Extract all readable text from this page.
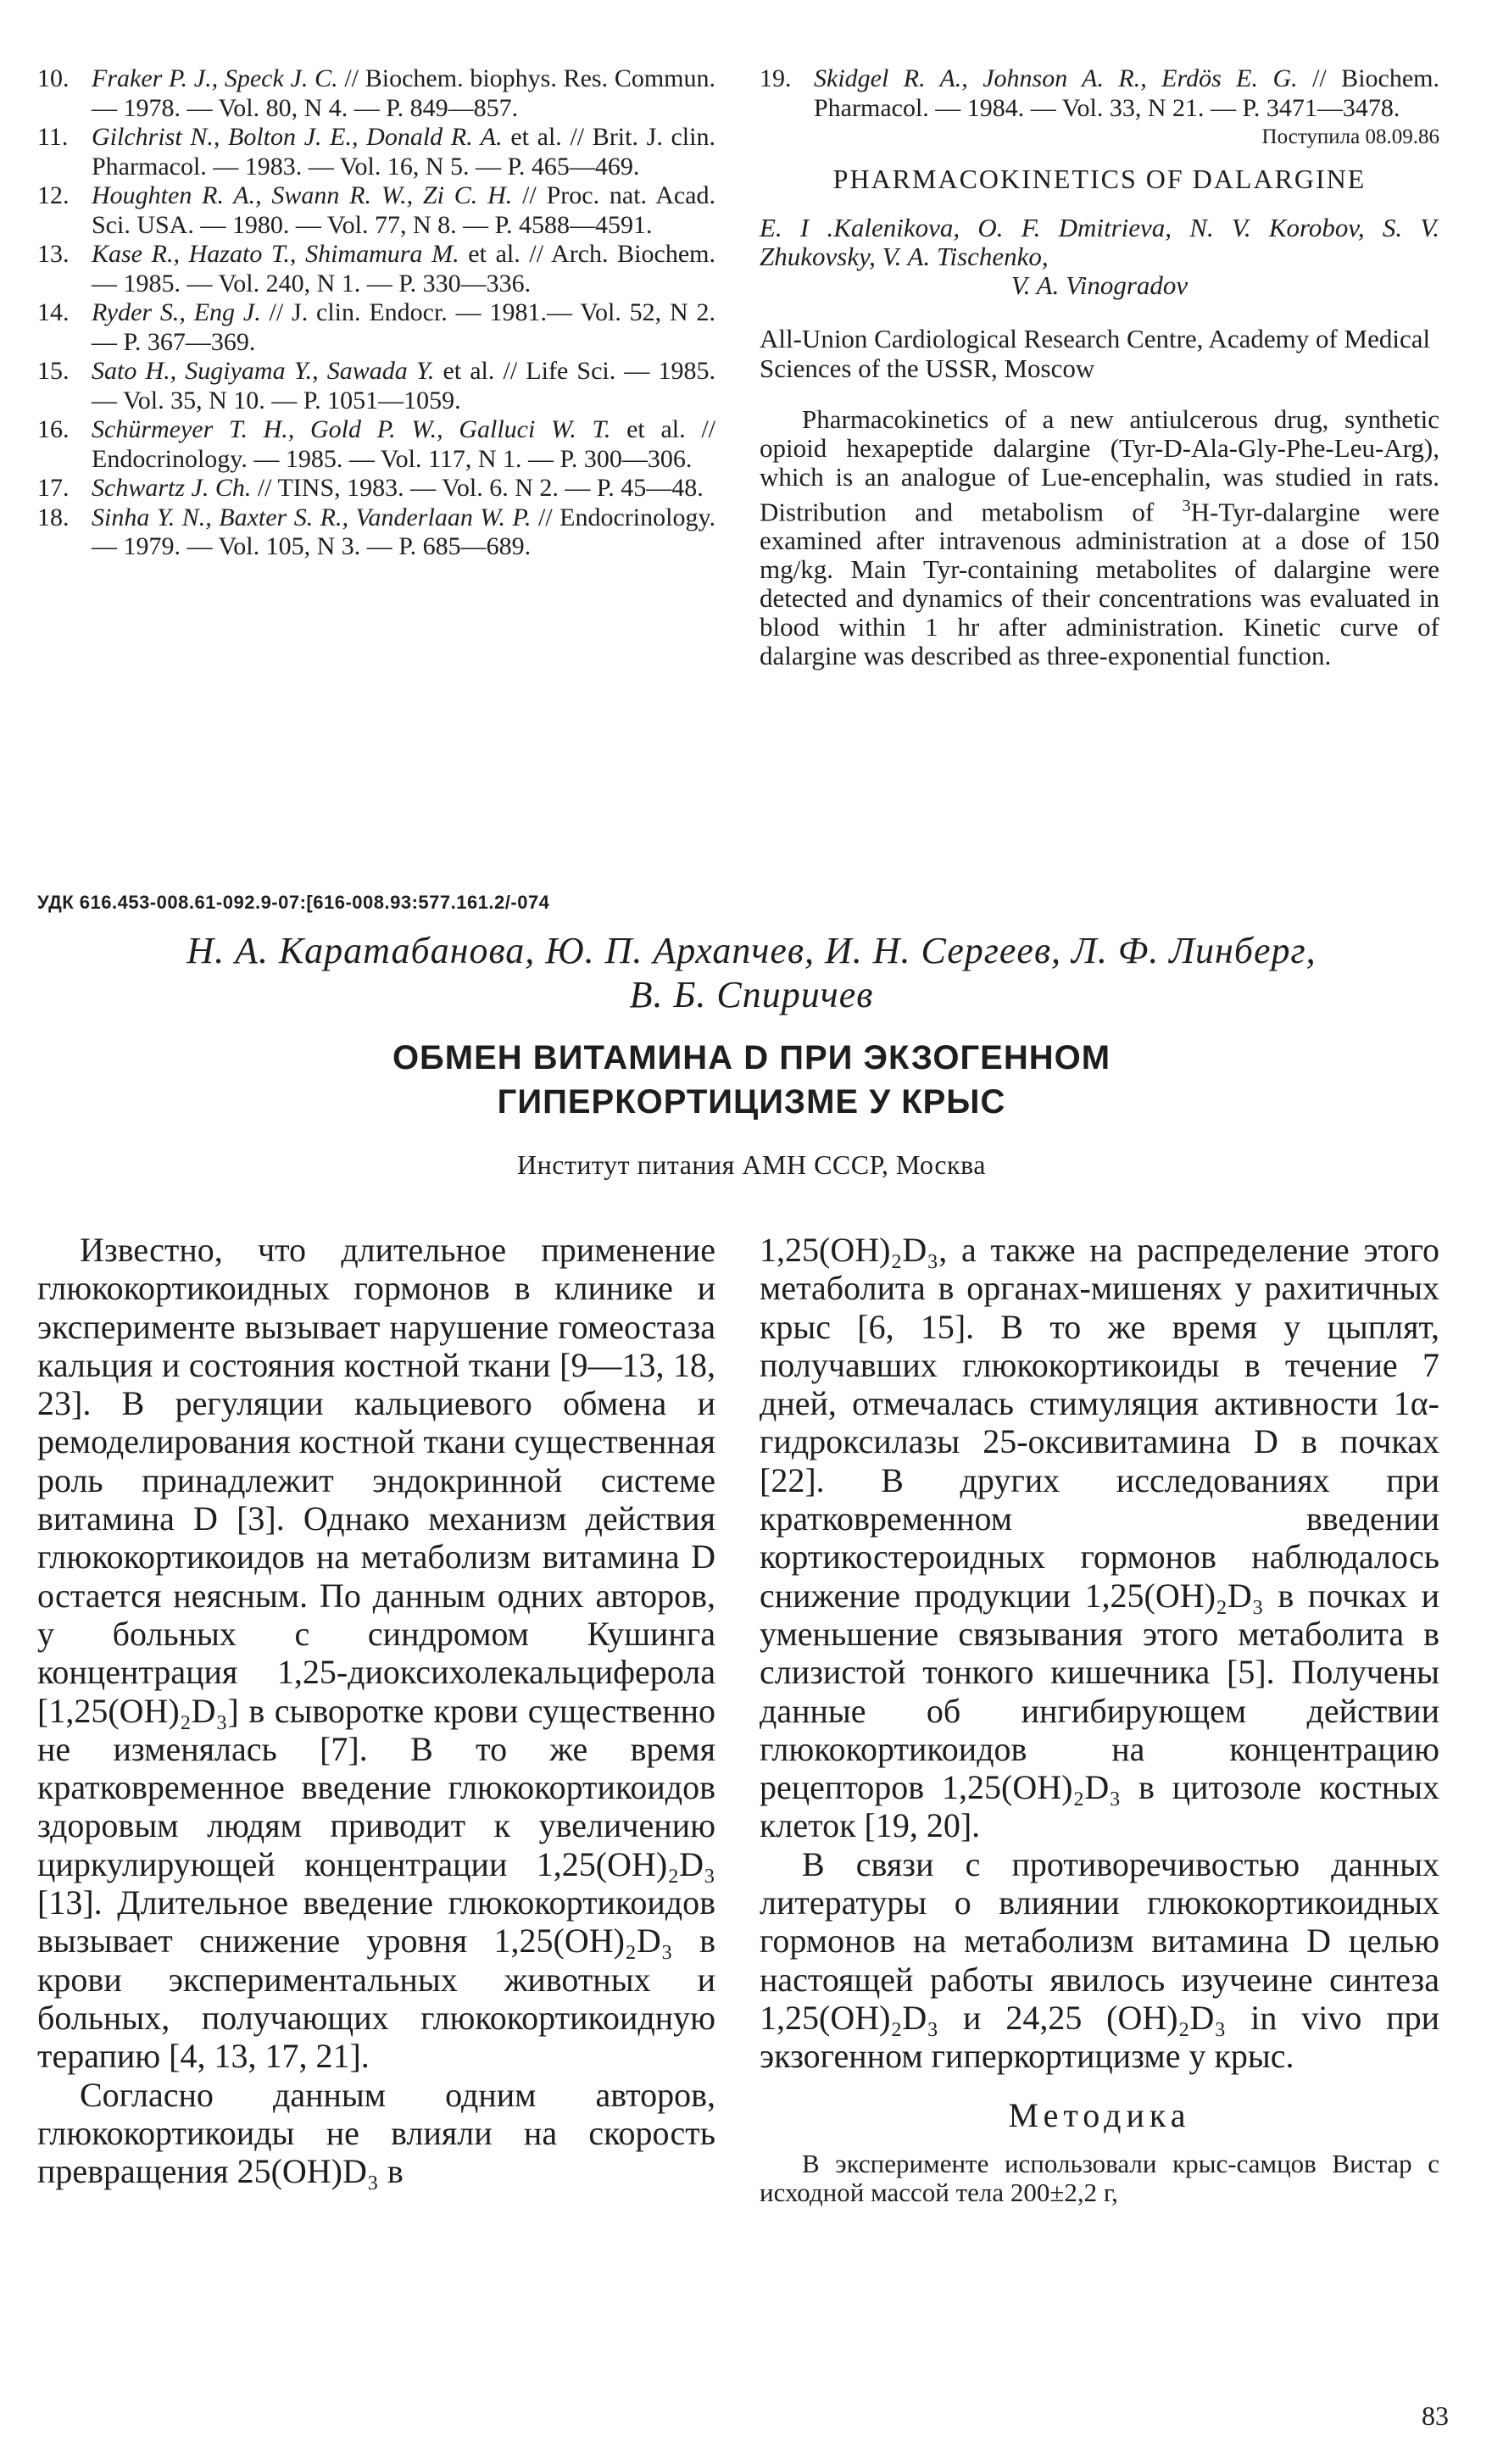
10. Fraker P. J., Speck J. C. // Biochem. biophys. Res. Commun. — 1978. — Vol. 80, N 4. — P. 849—857.
11. Gilchrist N., Bolton J. E., Donald R. A. et al. // Brit. J. clin. Pharmacol. — 1983. — Vol. 16, N 5. — P. 465—469.
12. Houghten R. A., Swann R. W., Zi C. H. // Proc. nat. Acad. Sci. USA. — 1980. — Vol. 77, N 8. — P. 4588—4591.
13. Kase R., Hazato T., Shimamura M. et al. // Arch. Biochem. — 1985. — Vol. 240, N 1. — P. 330—336.
14. Ryder S., Eng J. // J. clin. Endocr. — 1981.— Vol. 52, N 2. — P. 367—369.
15. Sato H., Sugiyama Y., Sawada Y. et al. // Life Sci. — 1985. — Vol. 35, N 10. — P. 1051—1059.
16. Schürmeyer T. H., Gold P. W., Galluci W. T. et al. // Endocrinology. — 1985. — Vol. 117, N 1. — P. 300—306.
17. Schwartz J. Ch. // TINS, 1983. — Vol. 6. N 2. — P. 45—48.
18. Sinha Y. N., Baxter S. R., Vanderlaan W. P. // Endocrinology. — 1979. — Vol. 105, N 3. — P. 685—689.
19. Skidgel R. A., Johnson A. R., Erdös E. G. // Biochem. Pharmacol. — 1984. — Vol. 33, N 21. — P. 3471—3478.

Поступила 08.09.86

PHARMACOKINETICS OF DALARGINE

E. I .Kalenikova, O. F. Dmitrieva, N. V. Korobov, S. V. Zhukovsky, V. A. Tischenko,
V. A. Vinogradov

All-Union Cardiological Research Centre, Academy of Medical Sciences of the USSR, Moscow

Pharmacokinetics of a new antiulcerous drug, synthetic opioid hexapeptide dalargine (Tyr-D-Ala-Gly-Phe-Leu-Arg), which is an analogue of Lue-encephalin, was studied in rats. Distribution and metabolism of $^3$H-Tyr-dalargine were examined after intravenous administration at a dose of 150 mg/kg. Main Tyr-containing metabolites of dalargine were detected and dynamics of their concentrations was evaluated in blood within 1 hr after administration. Kinetic curve of dalargine was described as three-exponential function.

УДК 616.453-008.61-092.9-07:[616-008.93:577.161.2/-074
Н. А. Каратабанова, Ю. П. Архапчев, И. Н. Сергеев, Л. Ф. Линберг,
В. Б. Спиричев
ОБМЕН ВИТАМИНА D ПРИ ЭКЗОГЕННОМ
ГИПЕРКОРТИЦИЗМЕ У КРЫС
Институт питания АМН СССР, Москва

Известно, что длительное применение глюкокортикоидных гормонов в клинике и эксперименте вызывает нарушение гомеостаза кальция и состояния костной ткани [9—13, 18, 23]. В регуляции кальциевого обмена и ремоделирования костной ткани существенная роль принадлежит эндокринной системе витамина D [3]. Однако механизм действия глюкокортикоидов на метаболизм витамина D остается неясным. По данным одних авторов, у больных с синдромом Кушинга концентрация 1,25-диоксихолекальциферола [1,25(OH)₂D₃] в сыворотке крови существенно не изменялась [7]. В то же время кратковременное введение глюкокортикоидов здоровым людям приводит к увеличению циркулирующей концентрации 1,25(OH)₂D₃ [13]. Длительное введение глюкокортикоидов вызывает снижение уровня 1,25(OH)₂D₃ в крови экспериментальных животных и больных, получающих глюкокортикоидную терапию [4, 13, 17, 21].

Согласно данным одним авторов, глюкокортикоиды не влияли на скорость превращения 25(OH)D₃ в

1,25(OH)₂D₃, а также на распределение этого метаболита в органах-мишенях у рахитичных крыс [6, 15]. В то же время у цыплят, получавших глюкокортикоиды в течение 7 дней, отмечалась стимуляция активности 1α-гидроксилазы 25-оксивитамина D в почках [22]. В других исследованиях при кратковременном введении кортикостероидных гормонов наблюдалось снижение продукции 1,25(OH)₂D₃ в почках и уменьшение связывания этого метаболита в слизистой тонкого кишечника [5]. Получены данные об ингибирующем действии глюкокортикоидов на концентрацию рецепторов 1,25(OH)₂D₃ в цитозоле костных клеток [19, 20].

В связи с противоречивостью данных литературы о влиянии глюкокортикоидных гормонов на метаболизм витамина D целью настоящей работы явилось изучеине синтеза 1,25(OH)₂D₃ и 24,25 (OH)₂D₃ in vivo при экзогенном гиперкортицизме у крыс.

Методика

В эксперименте использовали крыс-самцов Вистар с исходной массой тела 200±2,2 г,

83
